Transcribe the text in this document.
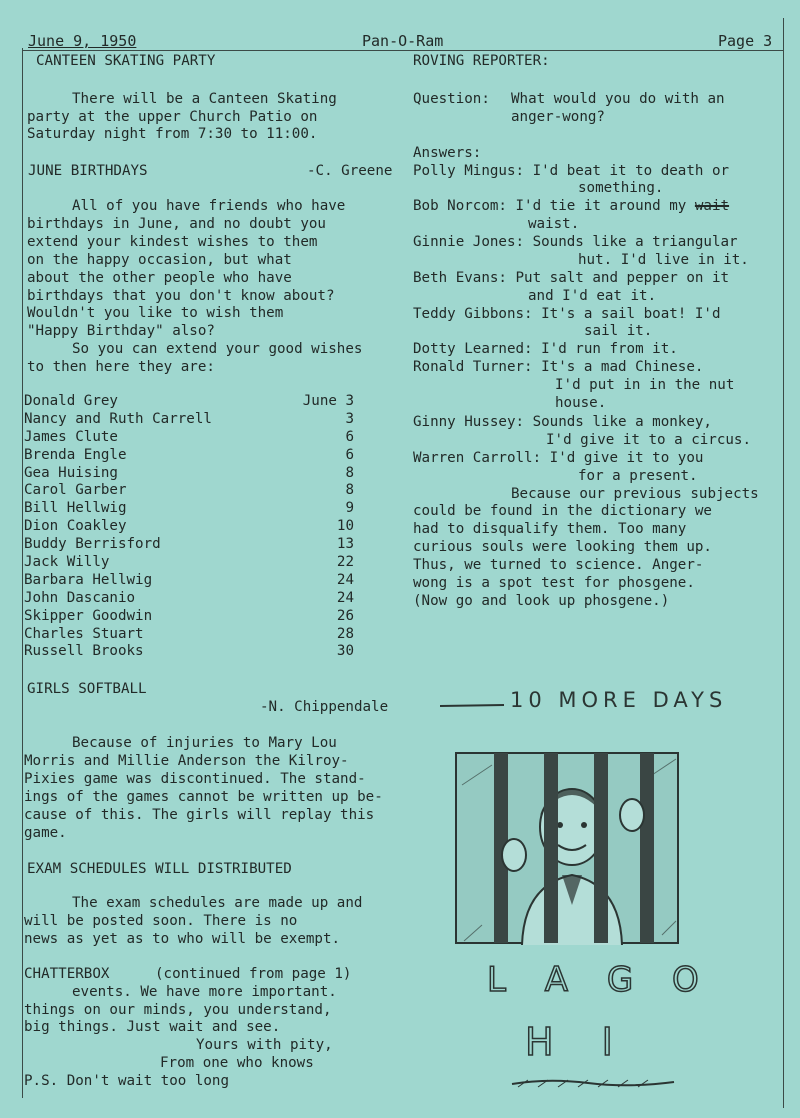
June 9, 1950	Pan-O-Ram	Page 3
CANTEEN SKATING PARTY
There will be a Canteen Skating
party at the upper Church Patio on
Saturday night from 7:30 to 11:00.
JUNE BIRTHDAYS	-C. Greene
All of you have friends who have
birthdays in June, and no doubt you
extend your kindest wishes to them
on the happy occasion, but what
about the other people who have
birthdays that you don't know about?
Wouldn't you like to wish them
"Happy Birthday" also?
So you can extend your good wishes
to then here they are:
Donald Grey	June 3
Nancy and Ruth Carrell	3
James Clute	6
Brenda Engle	6
Gea Huising	8
Carol Garber	8
Bill Hellwig	9
Dion Coakley	10
Buddy Berrisford	13
Jack Willy	22
Barbara Hellwig	24
John Dascanio	24
Skipper Goodwin	26
Charles Stuart	28
Russell Brooks	30
GIRLS SOFTBALL
-N. Chippendale
Because of injuries to Mary Lou
Morris and Millie Anderson the Kilroy-
Pixies game was discontinued. The stand-
ings of the games cannot be written up be-
cause of this. The girls will replay this
game.
EXAM SCHEDULES WILL DISTRIBUTED
The exam schedules are made up and
will be posted soon. There is no
news as yet as to who will be exempt.
CHATTERBOX	(continued from page 1)
events. We have more important.
things on our minds, you understand,
big things. Just wait and see.
Yours with pity,
From one who knows
P.S. Don't wait too long
ROVING REPORTER:
Question: What would you do with an
anger-wong?
Answers:
Polly Mingus: I'd beat it to death or
something.
Bob Norcom: I'd tie it around my wait
waist.
Ginnie Jones: Sounds like a triangular
hut. I'd live in it.
Beth Evans: Put salt and pepper on it
and I'd eat it.
Teddy Gibbons: It's a sail boat! I'd
sail it.
Dotty Learned: I'd run from it.
Ronald Turner: It's a mad Chinese.
I'd put in in the nut
house.
Ginny Hussey: Sounds like a monkey,
I'd give it to a circus.
Warren Carroll: I'd give it to you
for a present.
Because our previous subjects
could be found in the dictionary we
had to disqualify them. Too many
curious souls were looking them up.
Thus, we turned to science. Anger-
wong is a spot test for phosgene.
(Now go and look up phosgene.)
10 MORE DAYS
L A G O
H I
